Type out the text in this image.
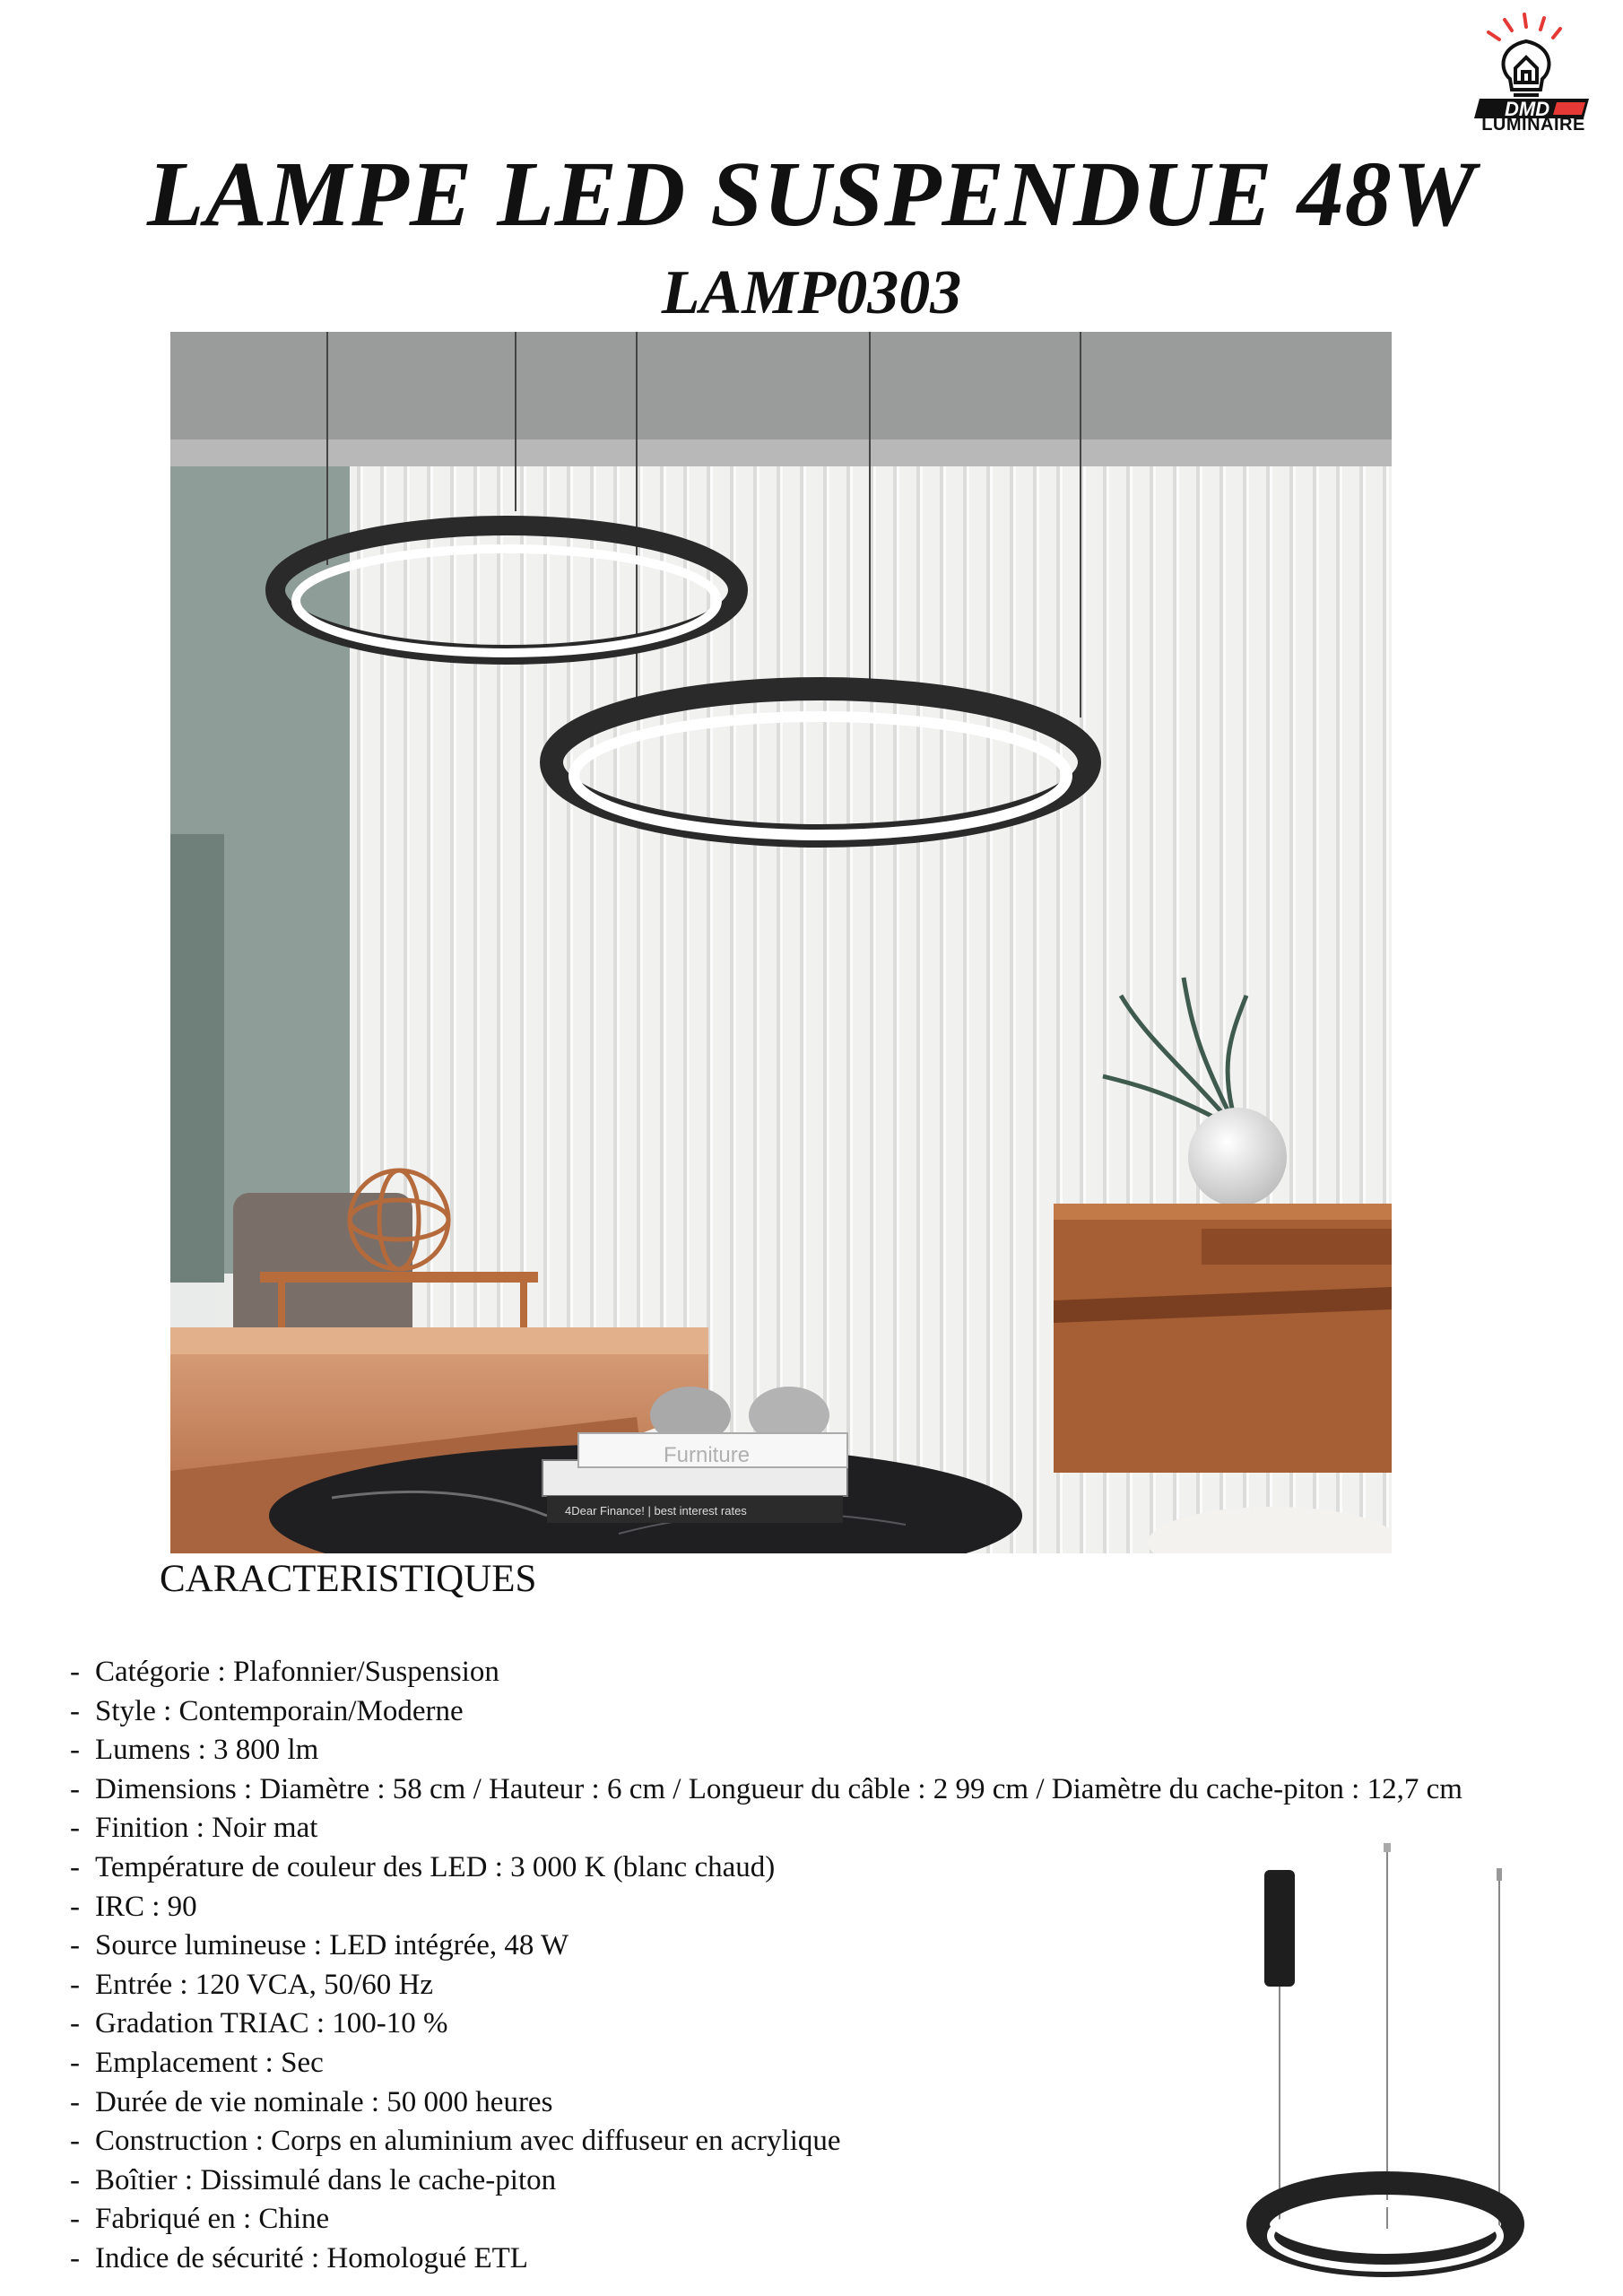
DMD
LUMINAIRE
LAMPE LED SUSPENDUE 48W
LAMP0303
4Dear Finance! | best interest rates
Furniture
CARACTERISTIQUES
- Catégorie : Plafonnier/Suspension
- Style : Contemporain/Moderne
- Lumens : 3 800 lm
- Dimensions : Diamètre : 58 cm / Hauteur : 6 cm / Longueur du câble : 2 99 cm / Diamètre du cache-piton : 12,7 cm
- Finition : Noir mat
- Température de couleur des LED : 3 000 K (blanc chaud)
- IRC : 90
- Source lumineuse : LED intégrée, 48 W
- Entrée : 120 VCA, 50/60 Hz
- Gradation TRIAC : 100-10 %
- Emplacement : Sec
- Durée de vie nominale : 50 000 heures
- Construction : Corps en aluminium avec diffuseur en acrylique
- Boîtier : Dissimulé dans le cache-piton
- Fabriqué en : Chine
- Indice de sécurité : Homologué ETL
